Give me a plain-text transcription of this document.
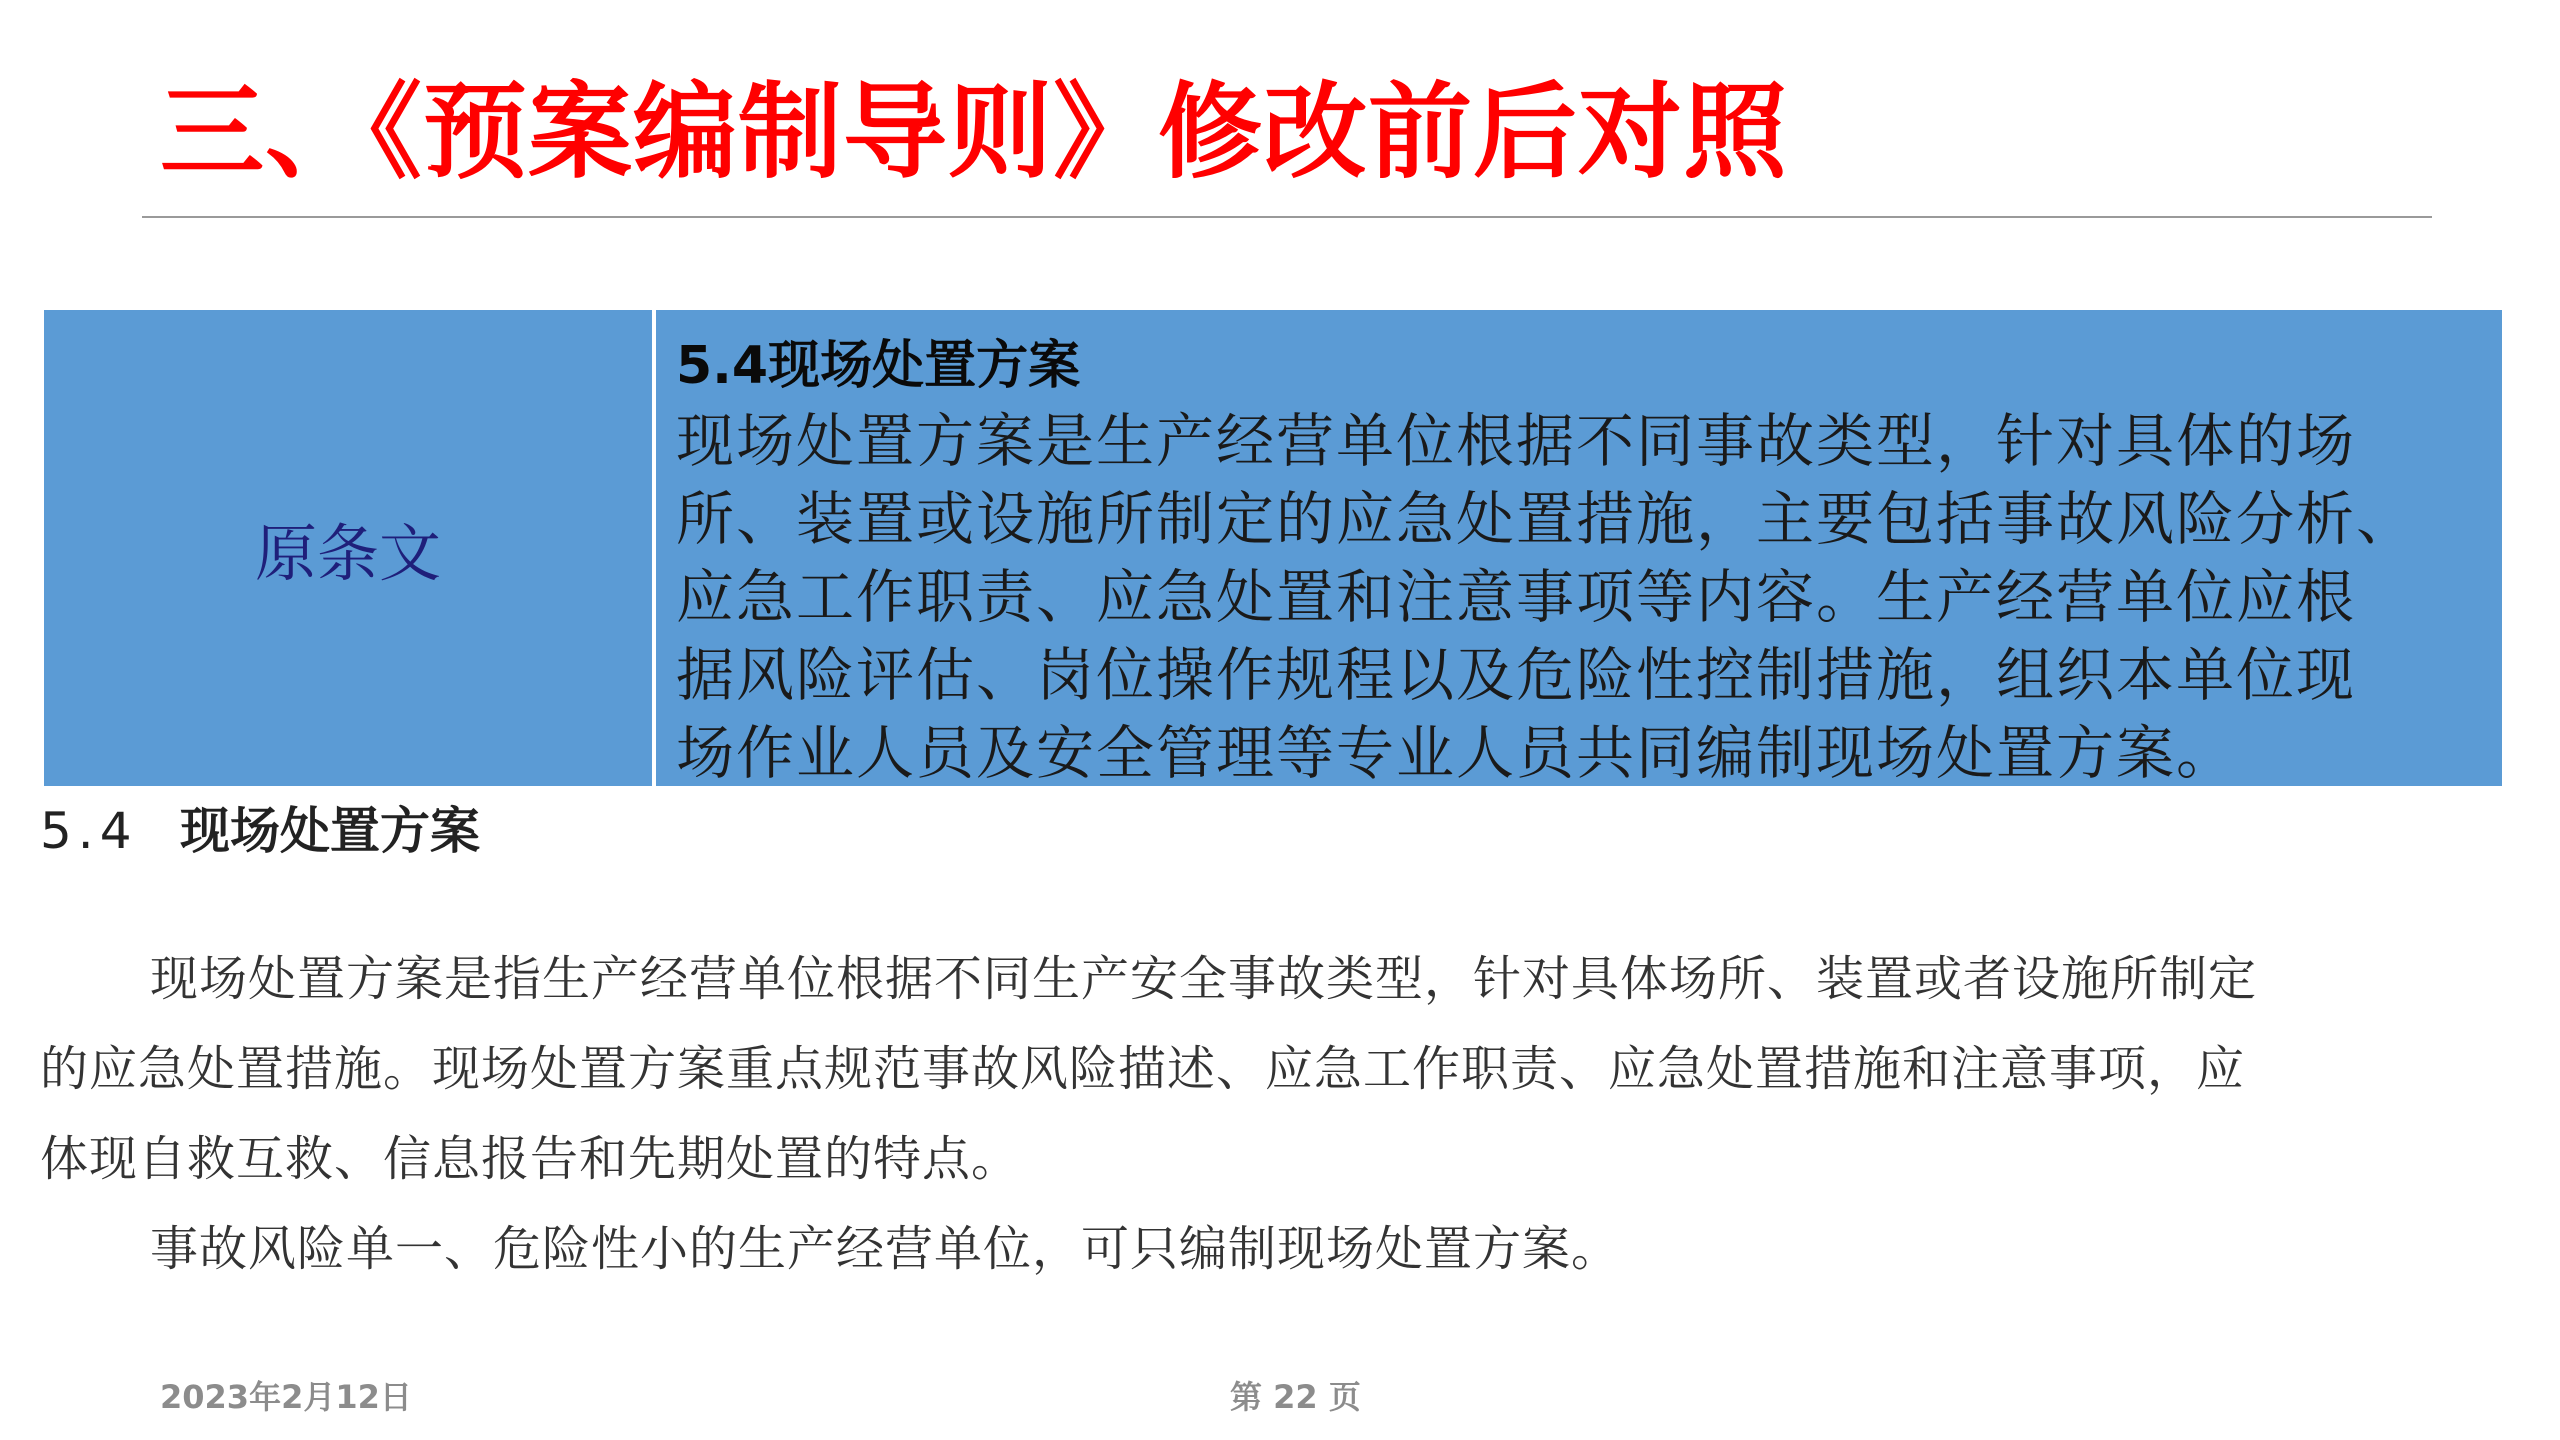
三、《预案编制导则》修改前后对照
原条文
5.4现场处置方案
现场处置方案是生产经营单位根据不同事故类型，针对具体的场
所、装置或设施所制定的应急处置措施，主要包括事故风险分析、
应急工作职责、应急处置和注意事项等内容。生产经营单位应根
据风险评估、岗位操作规程以及危险性控制措施，组织本单位现
场作业人员及安全管理等专业人员共同编制现场处置方案。
5.4 现场处置方案
现场处置方案是指生产经营单位根据不同生产安全事故类型，针对具体场所、装置或者设施所制定
的应急处置措施。现场处置方案重点规范事故风险描述、应急工作职责、应急处置措施和注意事项，应
体现自救互救、信息报告和先期处置的特点。
事故风险单一、危险性小的生产经营单位，可只编制现场处置方案。
2023年2月12日	第 22 页
